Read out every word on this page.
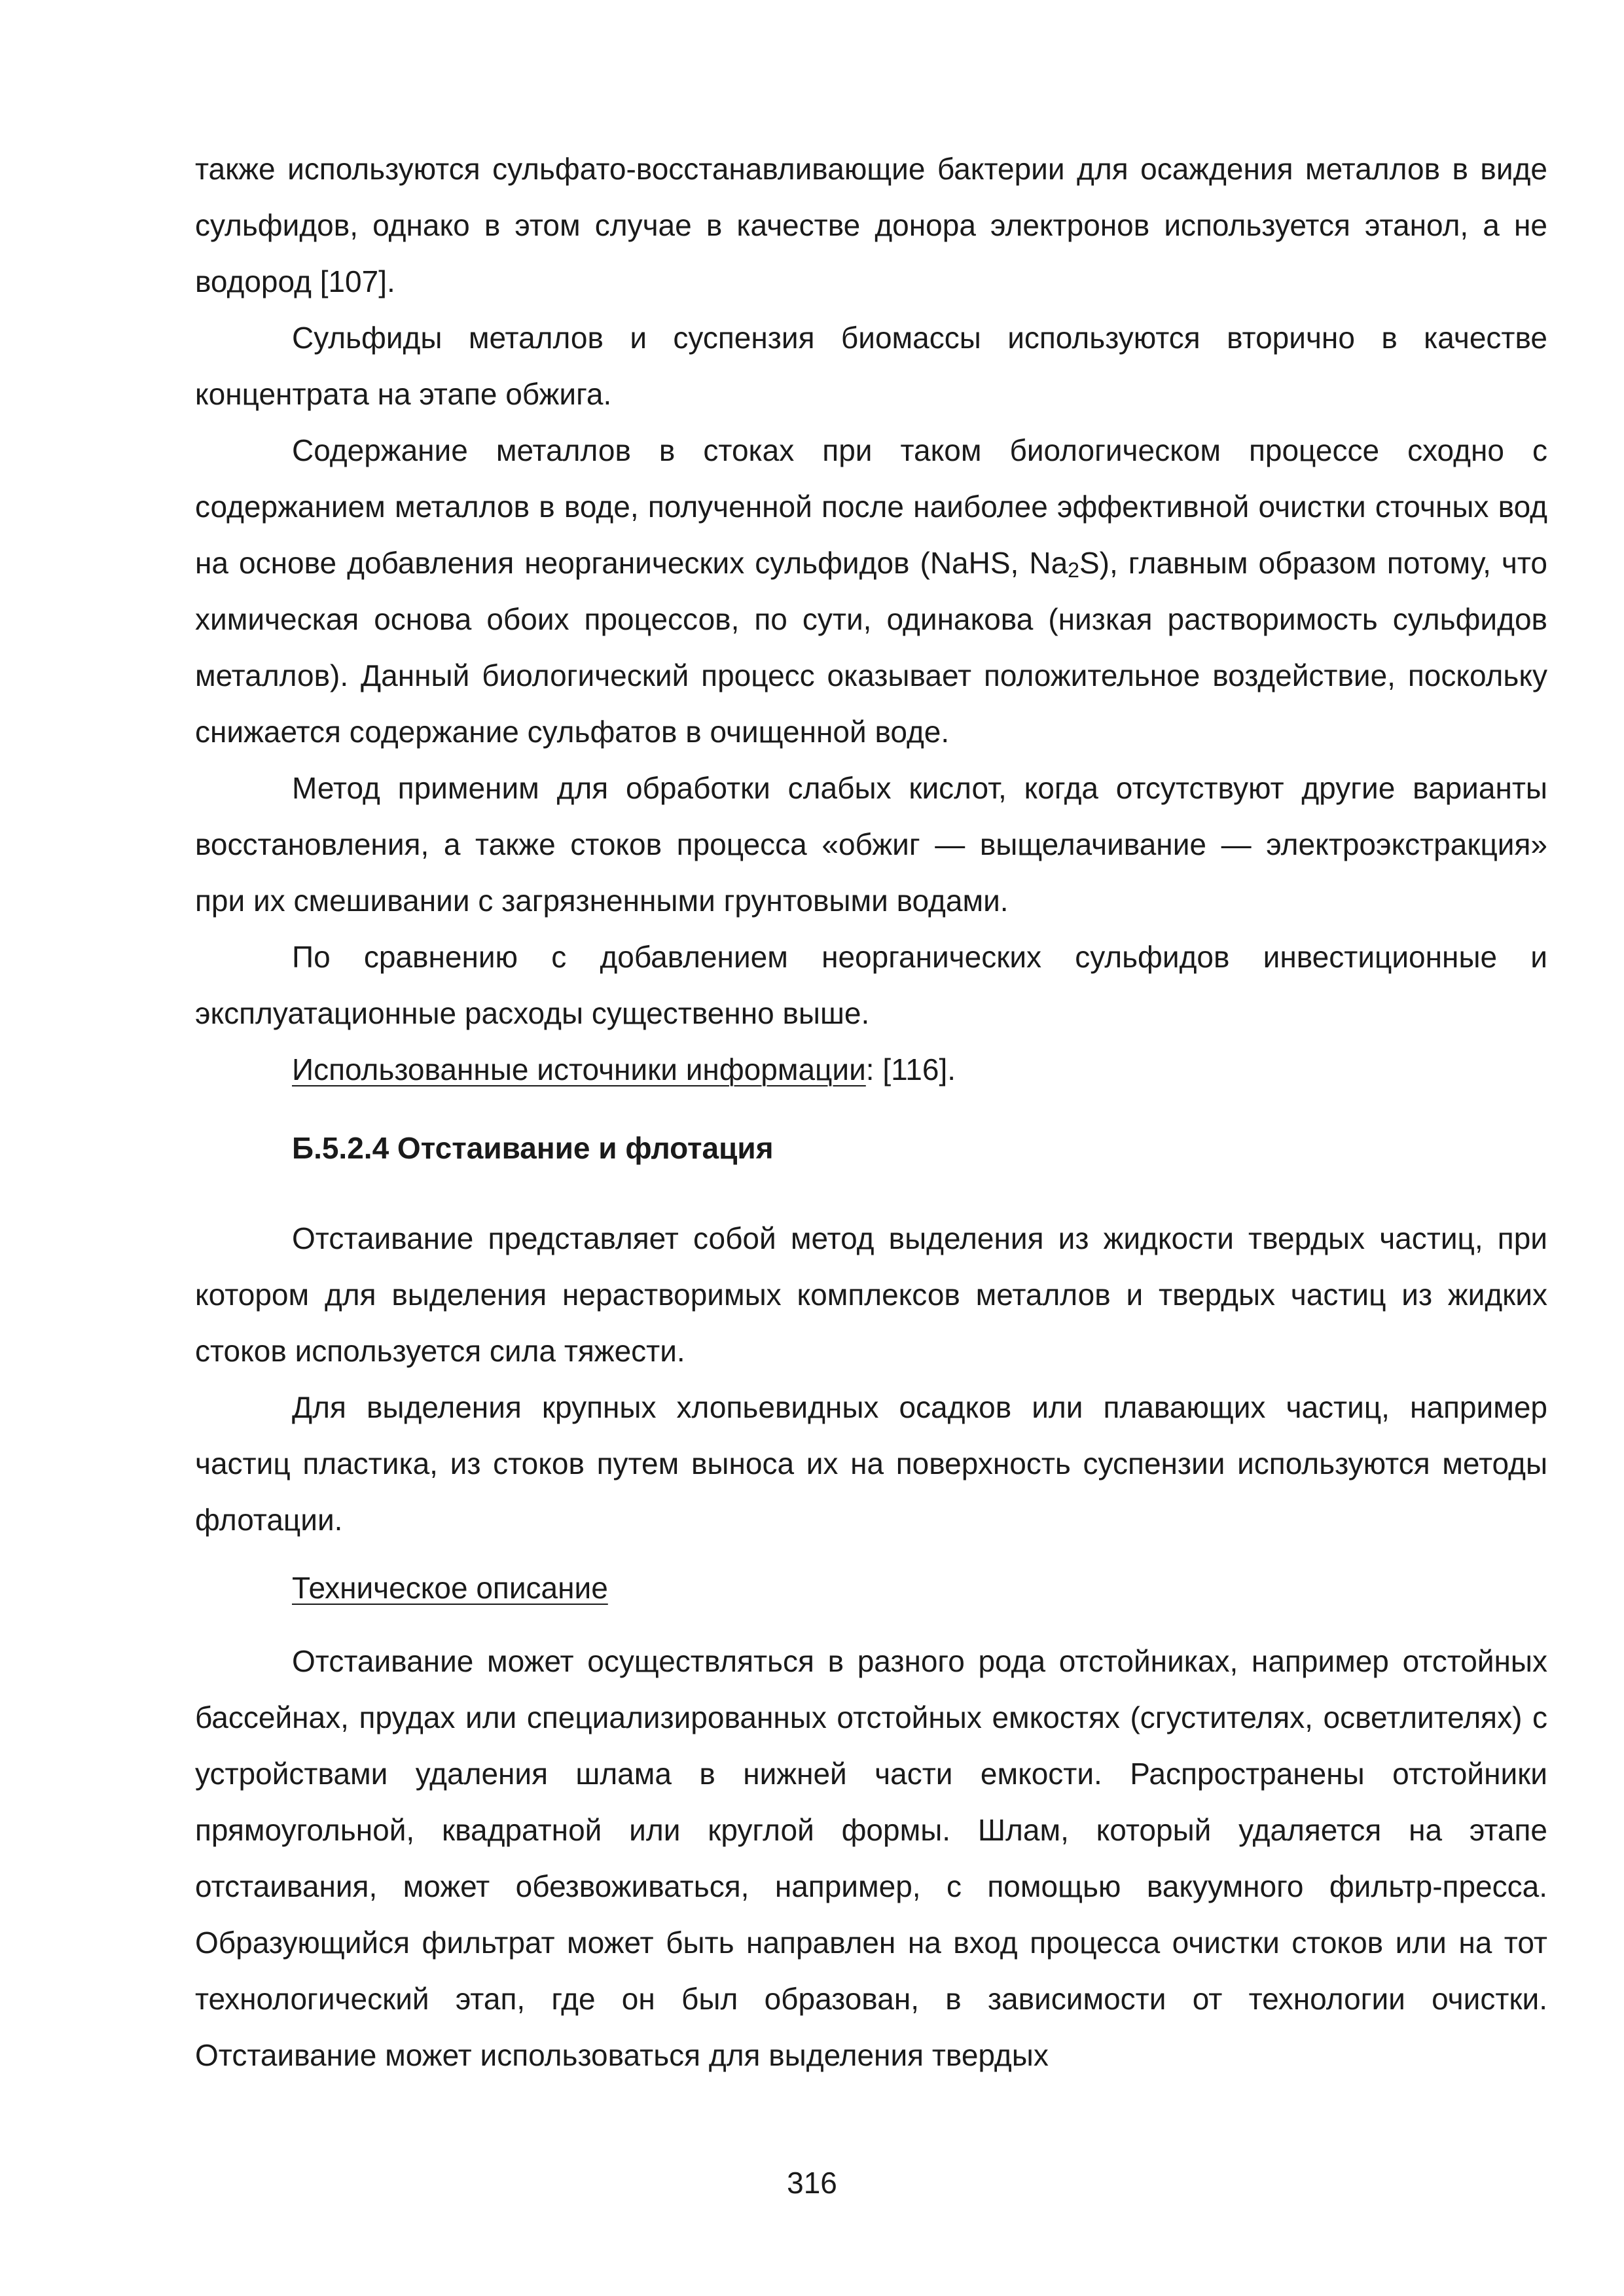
также используются сульфато-восстанавливающие бактерии для осаждения металлов в виде сульфидов, однако в этом случае в качестве донора электронов используется этанол, а не водород [107].

Сульфиды металлов и суспензия биомассы используются вторично в качестве концентрата на этапе обжига.

Содержание металлов в стоках при таком биологическом процессе сходно с содержанием металлов в воде, полученной после наиболее эффективной очистки сточных вод на основе добавления неорганических сульфидов (NaHS, Na2S), главным образом потому, что химическая основа обоих процессов, по сути, одинакова (низкая растворимость сульфидов металлов). Данный биологический процесс оказывает положительное воздействие, поскольку снижается содержание сульфатов в очищенной воде.

Метод применим для обработки слабых кислот, когда отсутствуют другие варианты восстановления, а также стоков процесса «обжиг — выщелачивание — электроэкстракция» при их смешивании с загрязненными грунтовыми водами.

По сравнению с добавлением неорганических сульфидов инвестиционные и эксплуатационные расходы существенно выше.

Использованные источники информации: [116].

Б.5.2.4 Отстаивание и флотация

Отстаивание представляет собой метод выделения из жидкости твердых частиц, при котором для выделения нерастворимых комплексов металлов и твердых частиц из жидких стоков используется сила тяжести.

Для выделения крупных хлопьевидных осадков или плавающих частиц, например частиц пластика, из стоков путем выноса их на поверхность суспензии используются методы флотации.

Техническое описание

Отстаивание может осуществляться в разного рода отстойниках, например отстойных бассейнах, прудах или специализированных отстойных емкостях (сгустителях, осветлителях) с устройствами удаления шлама в нижней части емкости. Распространены отстойники прямоугольной, квадратной или круглой формы. Шлам, который удаляется на этапе отстаивания, может обезвоживаться, например, с помощью вакуумного фильтр-пресса. Образующийся фильтрат может быть направлен на вход процесса очистки стоков или на тот технологический этап, где он был образован, в зависимости от технологии очистки. Отстаивание может использоваться для выделения твердых

316
